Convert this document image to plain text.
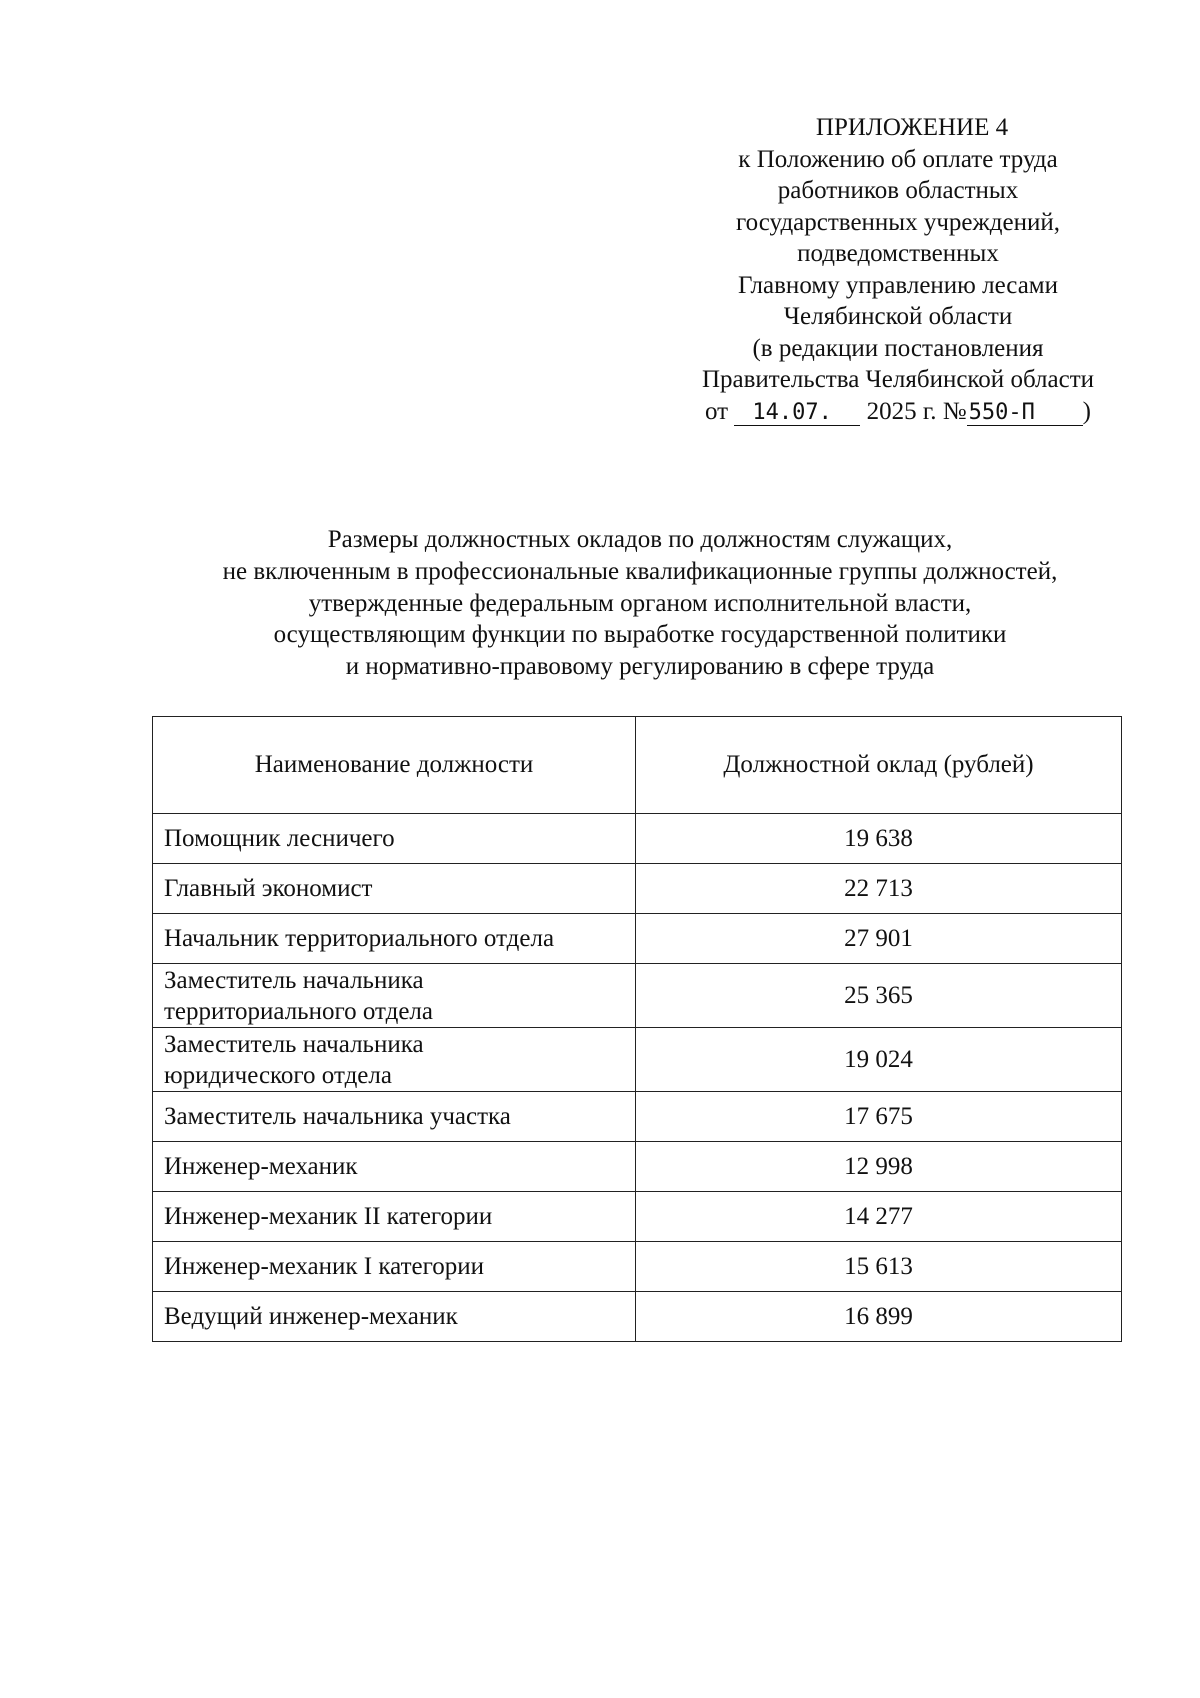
ПРИЛОЖЕНИЕ 4
к Положению об оплате труда
работников областных
государственных учреждений,
подведомственных
Главному управлению лесами
Челябинской области
(в редакции постановления
Правительства Челябинской области
от 14.07. 2025 г. №550-П )
Размеры должностных окладов по должностям служащих,
не включенным в профессиональные квалификационные группы должностей,
утвержденные федеральным органом исполнительной власти,
осуществляющим функции по выработке государственной политики
и нормативно-правовому регулированию в сфере труда
Наименование должности	Должностной оклад (рублей)
Помощник лесничего	19 638
Главный экономист	22 713
Начальник территориального отдела	27 901
Заместитель начальника
территориального отдела	25 365
Заместитель начальника
юридического отдела	19 024
Заместитель начальника участка	17 675
Инженер-механик	12 998
Инженер-механик II категории	14 277
Инженер-механик I категории	15 613
Ведущий инженер-механик	16 899
